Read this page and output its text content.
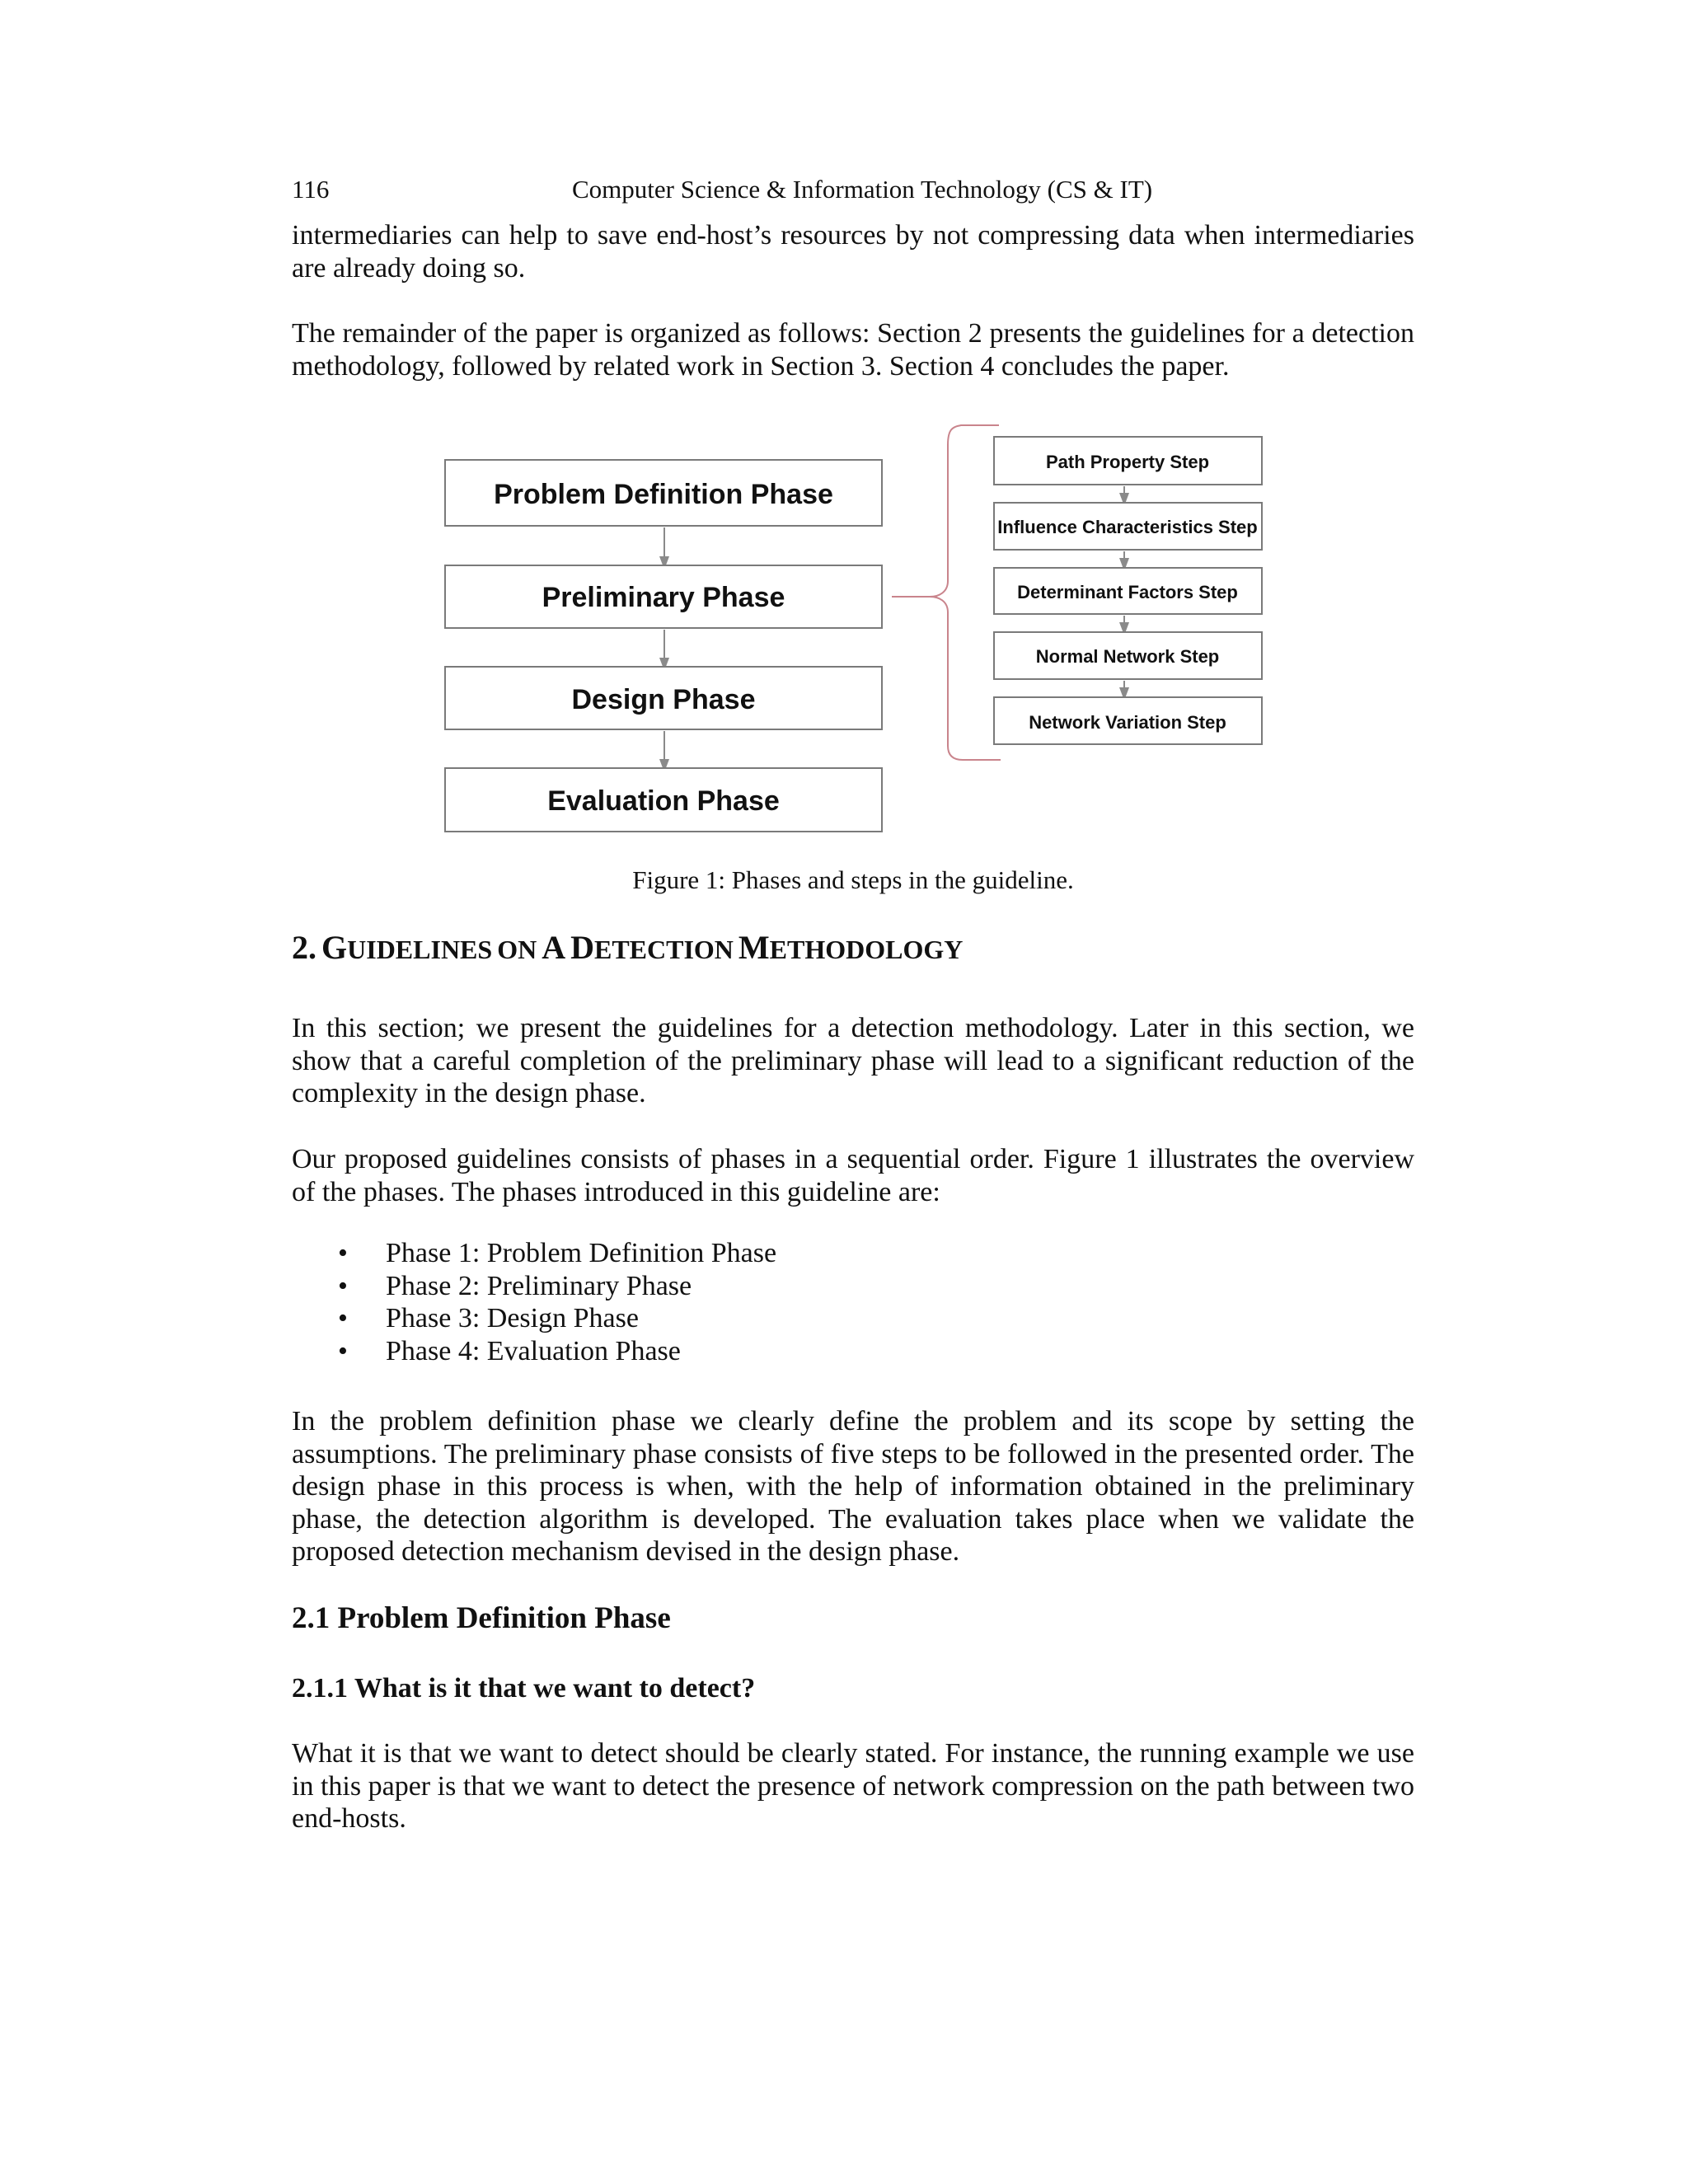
116	Computer Science & Information Technology (CS & IT)

intermediaries can help to save end-host’s resources by not compressing data when intermediaries are already doing so.

The remainder of the paper is organized as follows: Section 2 presents the guidelines for a detection methodology, followed by related work in Section 3. Section 4 concludes the paper.

Problem Definition Phase
Preliminary Phase
Design Phase
Evaluation Phase
Path Property Step
Influence Characteristics Step
Determinant Factors Step
Normal Network Step
Network Variation Step
Figure 1: Phases and steps in the guideline.
2. GUIDELINES ON A DETECTION METHODOLOGY

In this section; we present the guidelines for a detection methodology. Later in this section, we show that a careful completion of the preliminary phase will lead to a significant reduction of the complexity in the design phase.

Our proposed guidelines consists of phases in a sequential order. Figure 1 illustrates the overview of the phases. The phases introduced in this guideline are:

• Phase 1: Problem Definition Phase
• Phase 2: Preliminary Phase
• Phase 3: Design Phase
• Phase 4: Evaluation Phase

In the problem definition phase we clearly define the problem and its scope by setting the assumptions. The preliminary phase consists of five steps to be followed in the presented order. The design phase in this process is when, with the help of information obtained in the preliminary phase, the detection algorithm is developed. The evaluation takes place when we validate the proposed detection mechanism devised in the design phase.

2.1 Problem Definition Phase
2.1.1 What is it that we want to detect?

What it is that we want to detect should be clearly stated. For instance, the running example we use in this paper is that we want to detect the presence of network compression on the path between two end-hosts.
